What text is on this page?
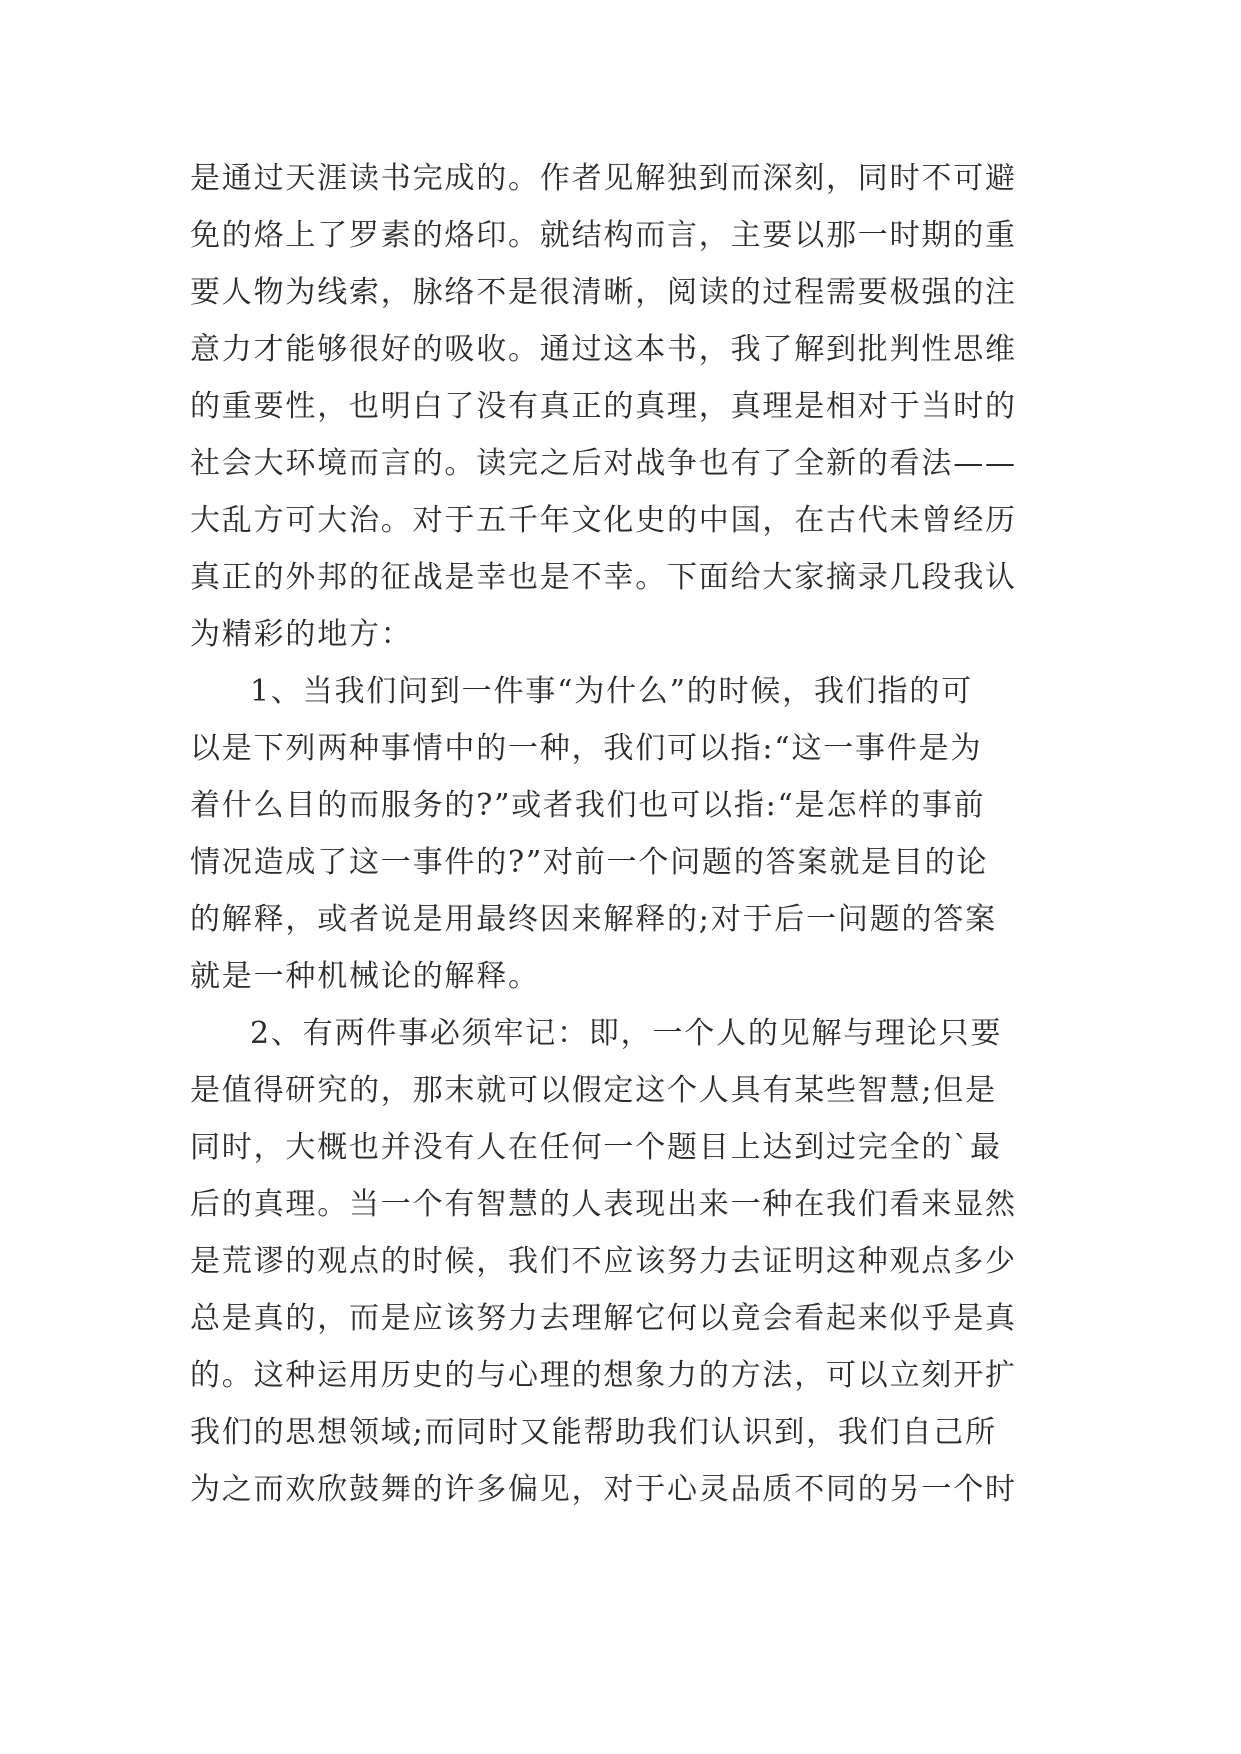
是通过天涯读书完成的。作者见解独到而深刻，同时不可避
免的烙上了罗素的烙印。就结构而言，主要以那一时期的重
要人物为线索，脉络不是很清晰，阅读的过程需要极强的注
意力才能够很好的吸收。通过这本书，我了解到批判性思维
的重要性，也明白了没有真正的真理，真理是相对于当时的
社会大环境而言的。读完之后对战争也有了全新的看法——
大乱方可大治。对于五千年文化史的中国，在古代未曾经历
真正的外邦的征战是幸也是不幸。下面给大家摘录几段我认
为精彩的地方：
1、当我们问到一件事“为什么”的时候，我们指的可
以是下列两种事情中的一种，我们可以指:“这一事件是为
着什么目的而服务的?”或者我们也可以指:“是怎样的事前
情况造成了这一事件的?”对前一个问题的答案就是目的论
的解释，或者说是用最终因来解释的;对于后一问题的答案
就是一种机械论的解释。
2、有两件事必须牢记：即，一个人的见解与理论只要
是值得研究的，那末就可以假定这个人具有某些智慧;但是
同时，大概也并没有人在任何一个题目上达到过完全的`最
后的真理。当一个有智慧的人表现出来一种在我们看来显然
是荒谬的观点的时候，我们不应该努力去证明这种观点多少
总是真的，而是应该努力去理解它何以竟会看起来似乎是真
的。这种运用历史的与心理的想象力的方法，可以立刻开扩
我们的思想领域;而同时又能帮助我们认识到，我们自己所
为之而欢欣鼓舞的许多偏见，对于心灵品质不同的另一个时
